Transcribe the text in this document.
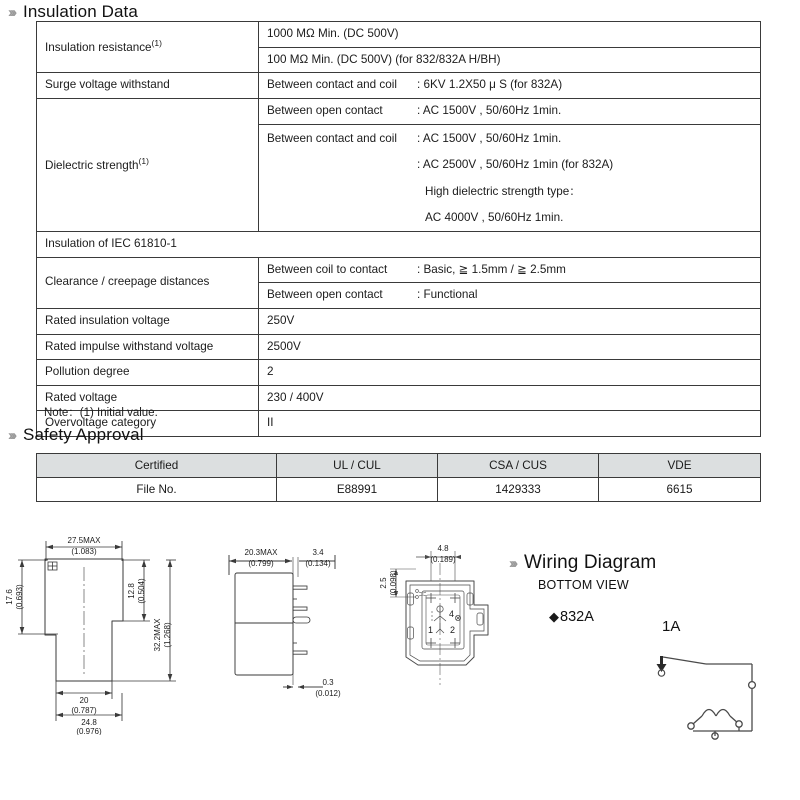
››› Insulation Data
Insulation resistance$^{(1)}$	1000 MΩ Min. (DC 500V)
	100 MΩ Min. (DC 500V) (for 832/832A H/BH)
Surge voltage withstand	Between contact and coil : 6KV 1.2X50 μ S (for 832A)

Dielectric strength$^{(1)}$	Between open contact : AC 1500V , 50/60Hz 1min.

	Between contact and coil : AC 1500V , 50/60Hz 1min.
: AC 2500V , 50/60Hz 1min (for 832A)
High dielectric strength type：
AC 4000V , 50/60Hz 1min.

Insulation of IEC 61810-1	
Clearance / creepage distances	Between coil to contact : Basic, ≧ 1.5mm / ≧ 2.5mm

	Between open contact : Functional

Rated insulation voltage	250V
Rated impulse withstand voltage	2500V
Pollution degree	2
Rated voltage	230 / 400V
Overvoltage category	II
Note：(1) Initial value.
››› Safety Approval
Certified	UL / CUL	CSA / CUS	VDE
File No.	E88991	1429333	6615
27.5MAX
(1.083)
20
(0.787)
24.8
(0.976)
17.6 (0.693)	12.8 (0.504)
32.2MAX (1.268)
20.3MAX
(0.799)
3.4
(0.134)
0.3
(0.012)
4.8
(0.189)
2.5 (0.098)
1 2
4
››› Wiring Diagram
BOTTOM VIEW
◆ 832A
1A
